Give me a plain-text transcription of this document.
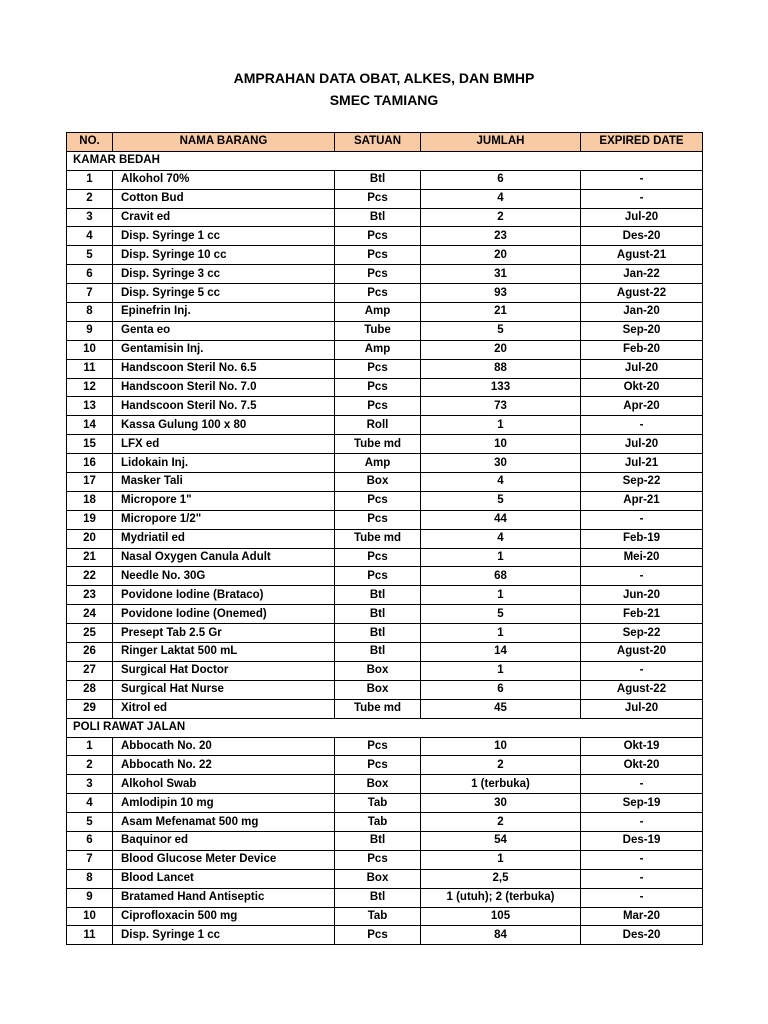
AMPRAHAN DATA OBAT, ALKES, DAN BMHP
SMEC TAMIANG
NO.	NAMA BARANG	SATUAN	JUMLAH	EXPIRED DATE
KAMAR BEDAH				
1	Alkohol 70%	Btl	6	-
2	Cotton Bud	Pcs	4	-
3	Cravit ed	Btl	2	Jul-20
4	Disp. Syringe 1 cc	Pcs	23	Des-20
5	Disp. Syringe 10 cc	Pcs	20	Agust-21
6	Disp. Syringe 3 cc	Pcs	31	Jan-22
7	Disp. Syringe 5 cc	Pcs	93	Agust-22
8	Epinefrin Inj.	Amp	21	Jan-20
9	Genta eo	Tube	5	Sep-20
10	Gentamisin Inj.	Amp	20	Feb-20
11	Handscoon Steril No. 6.5	Pcs	88	Jul-20
12	Handscoon Steril No. 7.0	Pcs	133	Okt-20
13	Handscoon Steril No. 7.5	Pcs	73	Apr-20
14	Kassa Gulung 100 x 80	Roll	1	-
15	LFX ed	Tube md	10	Jul-20
16	Lidokain Inj.	Amp	30	Jul-21
17	Masker Tali	Box	4	Sep-22
18	Micropore 1"	Pcs	5	Apr-21
19	Micropore 1/2"	Pcs	44	-
20	Mydriatil ed	Tube md	4	Feb-19
21	Nasal Oxygen Canula Adult	Pcs	1	Mei-20
22	Needle No. 30G	Pcs	68	-
23	Povidone Iodine (Brataco)	Btl	1	Jun-20
24	Povidone Iodine (Onemed)	Btl	5	Feb-21
25	Presept Tab 2.5 Gr	Btl	1	Sep-22
26	Ringer Laktat 500 mL	Btl	14	Agust-20
27	Surgical Hat Doctor	Box	1	-
28	Surgical Hat Nurse	Box	6	Agust-22
29	Xitrol ed	Tube md	45	Jul-20
POLI RAWAT JALAN				
1	Abbocath No. 20	Pcs	10	Okt-19
2	Abbocath No. 22	Pcs	2	Okt-20
3	Alkohol Swab	Box	1 (terbuka)	-
4	Amlodipin 10 mg	Tab	30	Sep-19
5	Asam Mefenamat 500 mg	Tab	2	-
6	Baquinor ed	Btl	54	Des-19
7	Blood Glucose Meter Device	Pcs	1	-
8	Blood Lancet	Box	2,5	-
9	Bratamed Hand Antiseptic	Btl	1 (utuh); 2 (terbuka)	-
10	Ciprofloxacin 500 mg	Tab	105	Mar-20
11	Disp. Syringe 1 cc	Pcs	84	Des-20
